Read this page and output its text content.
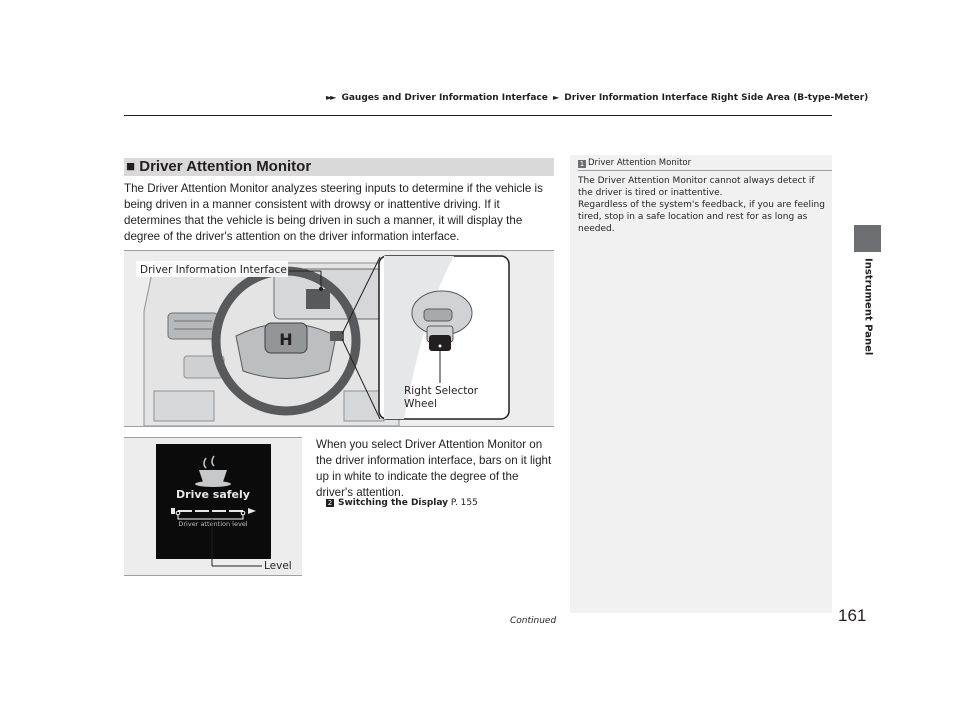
►► Gauges and Driver Information Interface ► Driver Information Interface Right Side Area (B-type-Meter)
Instrument Panel
■ Driver Attention Monitor
The Driver Attention Monitor analyzes steering inputs to determine if the vehicle is being driven in a manner consistent with drowsy or inattentive driving. If it determines that the vehicle is being driven in such a manner, it will display the degree of the driver's attention on the driver information interface.
H
Driver Information Interface
Right Selector
Wheel
Drive safely
Driver attention level
Level
When you select Driver Attention Monitor on the driver information interface, bars on it light up in white to indicate the degree of the driver's attention.
2 Switching the Display P. 155
1 Driver Attention Monitor
The Driver Attention Monitor cannot always detect if the driver is tired or inattentive.
Regardless of the system's feedback, if you are feeling tired, stop in a safe location and rest for as long as needed.
Continued	161
